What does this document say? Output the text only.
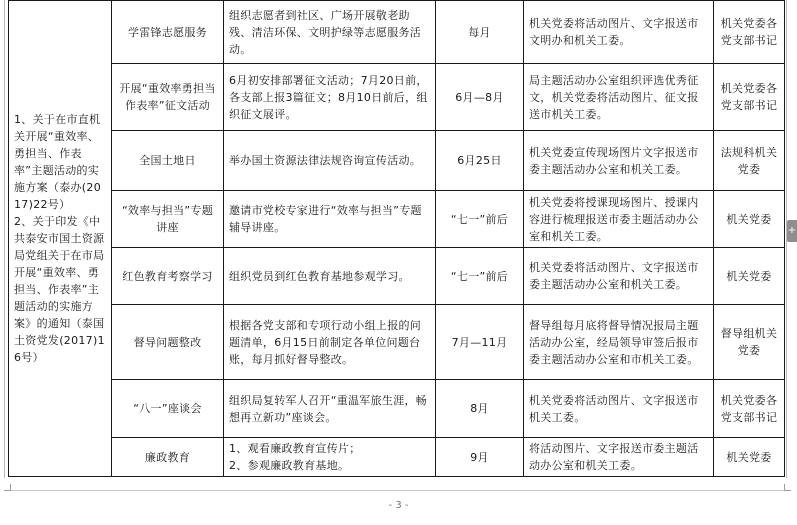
+
1、关于在市直机关开展“重效率、勇担当、作表率”主题活动的实施方案（泰办(2017)22号）
2、关于印发《中共泰安市国土资源局党组关于在市局开展“重效率、勇担当、作表率”主题活动的实施方案》的通知（泰国土资党发(2017)16号）	学雷锋志愿服务	组织志愿者到社区、广场开展敬老助残、清洁环保、文明护绿等志愿服务活动。	每月	机关党委将活动图片、文字报送市文明办和机关工委。	机关党委各党支部书记
	开展“重效率勇担当作表率”征文活动	6月初安排部署征文活动；7月20日前，各支部上报3篇征文；8月10日前后，组织征文展评。	6月—8月	局主题活动办公室组织评选优秀征文，机关党委将活动图片、征文报送市机关工委。	机关党委各党支部书记
	全国土地日	举办国土资源法律法规咨询宣传活动。	6月25日	机关党委宣传现场图片文字报送市委主题活动办公室和机关工委。	法规科机关党委
	“效率与担当”专题讲座	邀请市党校专家进行“效率与担当”专题辅导讲座。	“七一”前后	机关党委将授课现场图片、授课内容进行梳理报送市委主题活动办公室和机关工委。	机关党委
	红色教育考察学习	组织党员到红色教育基地参观学习。	“七一”前后	机关党委将活动图片、文字报送市委主题活动办公室和机关工委。	机关党委
	督导问题整改	根据各党支部和专项行动小组上报的问题清单，6月15日前制定各单位问题台账，每月抓好督导整改。	7月—11月	督导组每月底将督导情况报局主题活动办公室，经局领导审签后报市委主题活动办公室和市机关工委。	督导组机关党委
	“八一”座谈会	组织局复转军人召开“重温军旅生涯，畅想再立新功”座谈会。	8月	机关党委将活动图片、文字报送市机关工委。	机关党委各党支部书记
	廉政教育	1、观看廉政教育宣传片；
2、参观廉政教育基地。	9月	将活动图片、文字报送市委主题活动办公室和机关工委。	机关党委
- 3 -
